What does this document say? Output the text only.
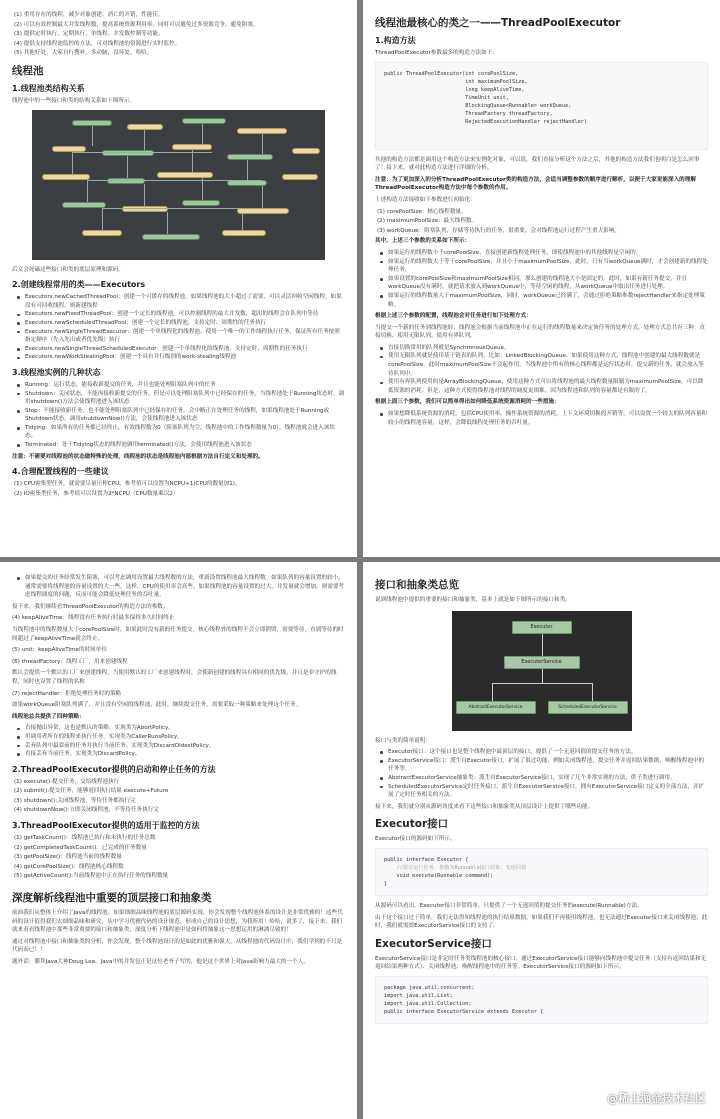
(1) 重用存在的线程，减少对象创建、消亡的开销，性能佳。

(2) 可以有效控制最大并发线程数，提高系统资源利用率，同时可以避免过多资源竞争，避免阻塞。

(3) 提供定时执行、定期执行、单线程、并发数控制等功能。

(4) 提供支持线程池监控的方法，可对线程池的资源进行实时监控。

(5) 其他好处，大家自行搜补，多动脑，没坏处，哈哈。

线程池
1.线程池类结构关系

线程池中的一些接口和类的结构关系如下图所示。

后文会死磕这些接口和类的底层原理和源码。

2.创建线程常用的类——Executors
Executors.newCachedThreadPool：创建一个可缓存的线程池，如果线程池的大小超过了需要，可以灵活回收空闲线程，如果没有可回收线程，则新建线程
Executors.newFixedThreadPool：创建一个定长的线程池，可以控制线程的最大并发数，超出的线程会在队列中等待
Executors.newScheduledThreadPool：创建一个定长的线程池，支持定时、周期性的任务执行
Executors.newSingleThreadExecutor：创建一个单线程化的线程池，使用一个唯一的工作线程执行任务，保证所有任务按照指定顺序（先入先出或者优先级）执行
Executors.newSingleThreadScheduledExecutor：创建一个单线程化的线程池，支持定时、周期性的任务执行
Executors.newWorkStealingPool：创建一个具有并行级别的work-stealing线程池
3.线程池实例的几种状态
Running：运行状态，能接收新提交的任务，并且也能处理阻塞队列中的任务
Shutdown：关闭状态，不能再接收新提交的任务，但是可以处理阻塞队列中已经保存的任务，当线程池处于Running状态时，调用shutdown()方法会使线程池进入该状态
Stop：不能接收新任务，也不能处理阻塞队列中已经保存的任务，会中断正在处理任务的线程，如果线程池处于Running或Shutdown状态，调用shutdownNow()方法，会使线程池进入该状态
Tidying：如果所有的任务都已经终止，有效线程数为0（阻塞队列为空，线程池中的工作线程数量为0），线程池就会进入该状态。
Terminated：处于Tidying状态的线程池调用terminated()方法，会使用线程池进入该状态

注意：不需要对线程池的状态做特殊的处理，线程池的状态是线程池内部根据方法自行定义和处理的。

4.合理配置线程的一些建议

(1) CPU密集型任务，就需要尽量压榨CPU，参考值可以设置为NCPU+1(CPU的数量加1)。

(2) IO密集型任务，参考值可以设置为2*NCPU（CPU数量乘以2）

线程池最核心的类之一——ThreadPoolExecutor
1.构造方法

ThreadPoolExecutor参数最多的构造方法如下：

public ThreadPoolExecutor(int corePoolSize,
int maximumPoolSize,
long keepAliveTime,
TimeUnit unit,
BlockingQueue<Runnable> workQueue,
ThreadFactory threadFactory,
RejectedExecutionHandler rejectHandler)

其他的构造方法都是调用这个构造方法来实例化对象，可以说，我们直接分析这个方法之后，其他的构造方法我们也明白是怎么回事了！接下来，就对此构造方法进行详细的分析。

注意：为了更加深入的分析ThreadPoolExecutor类的构造方法，会适当调整参数的顺序进行解析，以便于大家更能深入的理解ThreadPoolExecutor构造方法中每个参数的作用。

上述构造方法接收如下参数进行初始化：

(1) corePoolSize：核心线程数量。

(2) maximumPoolSize：最大线程数。

(3) workQueue：阻塞队列，存储等待执行的任务，很重要，会对线程池运行过程产生重大影响。

其中，上述三个参数的关系如下所示：

如果运行的线程数小于corePoolSize，直接创建新线程处理任务，即使线程池中的其他线程是空闲的。
如果运行的线程数大于等于corePoolSize，并且小于maximumPoolSize，此时，只有当workQueue满时，才会创建新的线程处理任务。
如果设置的corePoolSize和maximumPoolSize相同，那么创建的线程池大小是固定的，此时，如果有新任务提交，并且workQueue没有满时，就把请求放入到workQueue中，等待空闲的线程，从workQueue中取出任务进行处理。
如果运行的线程数量大于maximumPoolSize，同时，workQueue已经满了，会通过拒绝策略参数rejectHandler来指定处理策略。

根据上述三个参数的配置，线程池会对任务进行如下处理方式：

当提交一个新的任务到线程池时，线程池会根据当前线程池中正在运行的线程数量来决定该任务的处理方式。处理方式总共有三种：直接切换、使用无限队列、使用有界队列。

直接切换常用的队列就是SynchronousQueue。
使用无限队列就是使用基于链表的队列，比如：LinkedBlockingQueue，如果使用这种方式，线程池中创建的最大线程数就是corePoolSize，此时maximumPoolSize不会起作用。当线程池中所有的核心线程都是运行状态时，提交新的任务，就会放入等待队列中。
使用有界队列使用的是ArrayBlockingQueue，使用这种方式可以将线程池的最大线程数量限制为maximumPoolSize，可以降低资源的消耗。但是，这种方式使得线程池对线程的调度更困难，因为线程池和队列的容量都是有限的了。

根据上面三个参数，我们可以简单得出如何降低系统资源消耗的一些措施：

如果想降低系统资源的消耗，包括CPU使用率，操作系统资源的消耗，上下文环境切换的开销等，可以设置一个较大的队列容量和较小的线程池容量。这样，会降低线程处理任务的吞吐量。
如果提交的任务经常发生阻塞，可以考虑调用设置最大线程数的方法，重新设置线程池最大线程数。如果队列的容量设置的较小，通常需要将线程池的容量设置的大一些，这样，CPU的使用率会高些。如果线程池的容量设置的过大，并发量就会增加，则需要考虑线程调度的问题，反而可能会降低处理任务的吞吐量。

接下来，我们继续看ThreadPoolExecutor的构造方法的参数。

(4) keepAliveTime：线程没有任务执行时最多保持多久时间终止

当线程池中的线程数量大于corePoolSize时，如果此时没有新的任务提交，核心线程外的线程不会立即销毁，需要等待，直到等待的时间超过了keepAliveTime就会终止。

(5) unit：keepAliveTime的时间单位

(6) threadFactory：线程工厂，用来创建线程

默认会提供一个默认的工厂来创建线程，当使用默认的工厂来创建线程时，会使新创建的线程具有相同的优先级，并且是非守护的线程，同时也设置了线程的名称

(7) rejectHandler：拒绝处理任务时的策略

如果workQueue阻塞队列满了，并且没有空闲的线程池，此时，继续提交任务，需要采取一种策略来处理这个任务。

线程池总共提供了四种策略：

直接抛出异常，这也是默认的策略。实现类为AbortPolicy。
用调用者所在的线程来执行任务。实现类为CallerRunsPolicy。
丢弃队列中最靠前的任务并执行当前任务。实现类为DiscardOldestPolicy。
直接丢弃当前任务。实现类为DiscardPolicy。
2.ThreadPoolExecutor提供的启动和停止任务的方法

(1) execute():提交任务，交给线程池执行

(2) submit():提交任务，能够返回执行结果 execute+Future

(3) shutdown():关闭线程池，等待任务都执行完

(4) shutdownNow():立即关闭线程池，不等待任务执行完

3.ThreadPoolExecutor提供的适用于监控的方法

(1) getTaskCount()：线程池已执行和未执行的任务总数

(2) getCompletedTaskCount()：已完成的任务数量

(3) getPoolSize()：线程池当前的线程数量

(4) getCorePoolSize()：线程池核心线程数

(5) getActiveCount():当前线程池中正在执行任务的线程数量

深度解析线程池中重要的顶层接口和抽象类

前面我们从整体上介绍了Java的线程池。如果细细品味线程池的底层源码实现，你会发现整个线程池体系的设计是非常优雅的！这些代码的设计值得我们去细细品味和研究，从中学习优雅代码的设计规范，形成自己的设计思想，为我所用！哈哈，说多了，接下来，我们就来看看线程池中那些非常重要的接口和抽象类，深度分析下线程池中是如何将抽象这一思想运用的淋漓尽致的！

通过对线程池中接口和抽象类的分析，你会发现，整个线程池设计的是如此的优雅和强大，从线程池的代码设计中，我们学到的不只是代码而已！！

题外话：膜拜Java大神Doug Lea，Java中的并发包正是这位老爷子写的，他是这个世界上对Java影响力最大的一个人。

接口和抽象类总览

说到线程池中提供的重要的接口和抽象类，基本上就是如下图所示的接口和类。

Executor
ExecutorService
AbstractExecutorService	ScheduledExecutorService

接口与类的简单说明：

Executor接口：这个接口也是整个线程池中最顶层的接口，提供了一个无返回值的提交任务的方法。
ExecutorService接口：派生自Executor接口，扩展了很过功能，例如关闭线程池，提交任务并返回结果数据、唤醒线程池中的任务等。
AbstractExecutorService抽象类：派生自ExecutorService接口，实现了几个非常实现的方法，供子类进行调用。
ScheduledExecutorService定时任务接口，派生自ExecutorService接口，拥有ExecutorService接口定义的全部方法，并扩展了定时任务相关的方法。

接下来，我们就分别从源码角度来看下这些接口和抽象类从顶层设计上提供了哪些功能。

Executor接口

Executor接口的源码如下所示。

public interface Executor {
//提交运行任务，参数为Runnable接口对象，无返回值
void execute(Runnable command);
}

从源码可以看出，Executor接口非常简单，只提供了一个无返回值的提交任务的execute(Runnable)方法。

由于这个接口过于简单，我们无法得知线程池的执行结果数据，如果我们不再使用线程池，也无法通过Executor接口来关闭线程池。此时，我们就需要ExecutorService接口的支持了。

ExecutorService接口

ExecutorService接口是非定时任务类线程池的核心接口，通过ExecutorService接口能够向线程池中提交任务（支持有返回结果和无返回结果两种方式）、关闭线程池、唤醒线程池中的任务等。ExecutorService接口的源码如下所示。

package java.util.concurrent;
import java.util.List;
import java.util.Collection;
public interface ExecutorService extends Executor {
@稀土掘金技术社区
